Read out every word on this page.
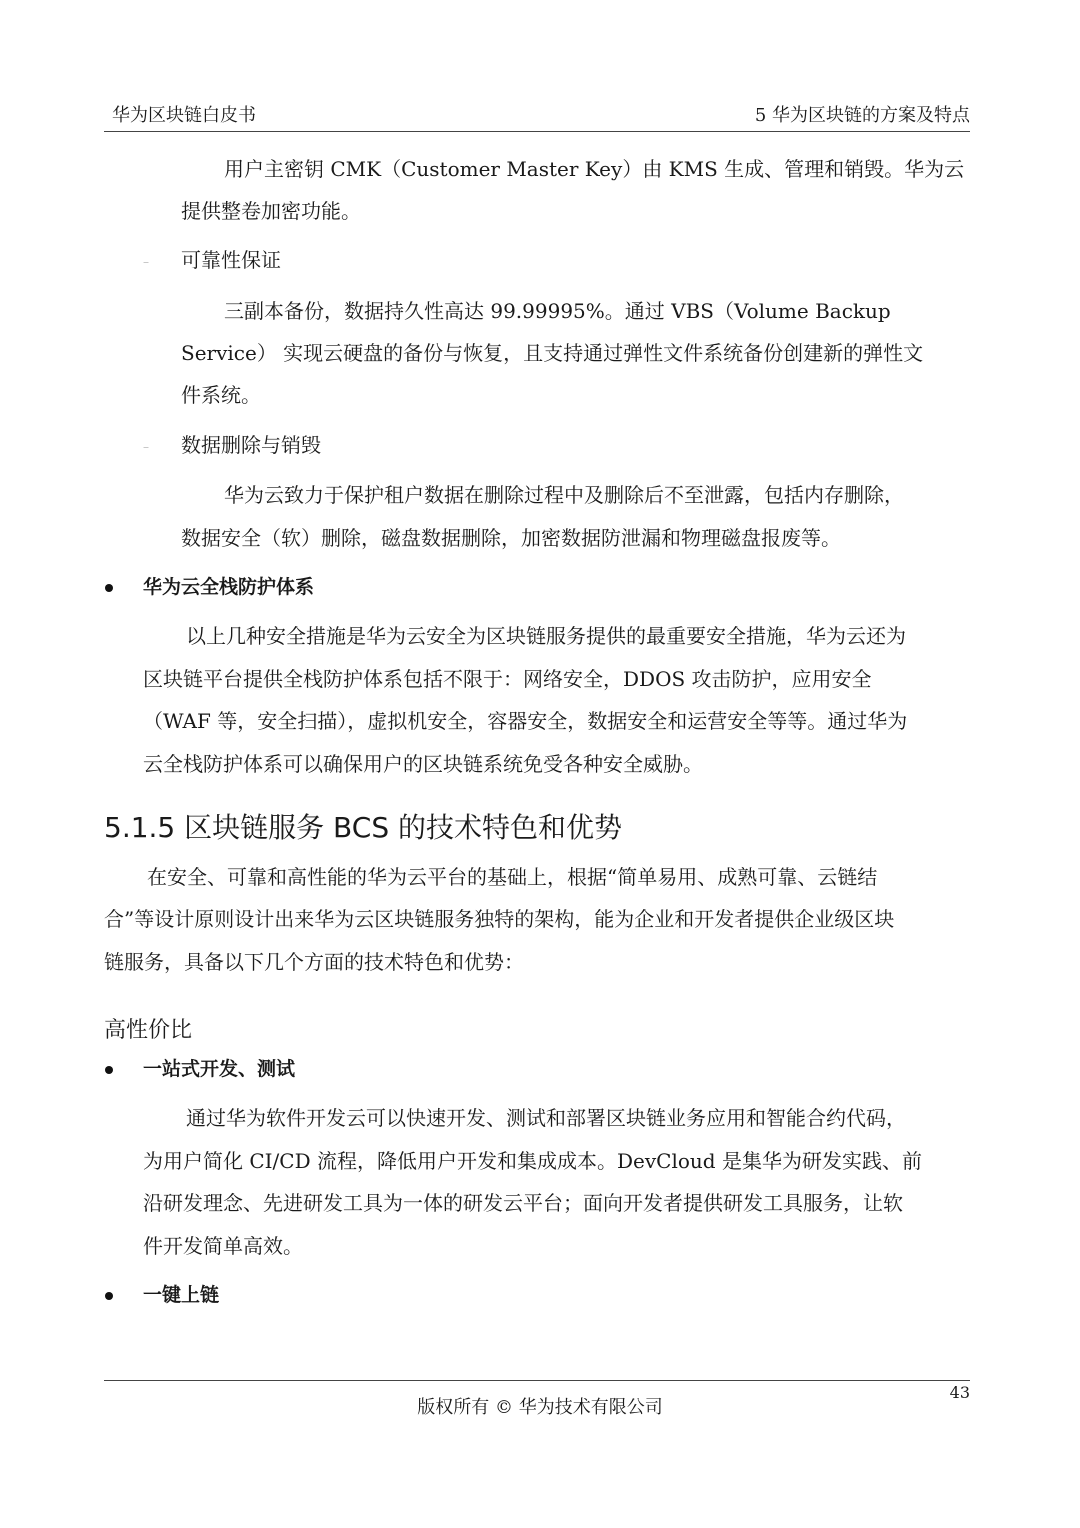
华为区块链白皮书	5 华为区块链的方案及特点

用户主密钥 CMK（Customer Master Key）由 KMS 生成、管理和销毁。华为云

提供整卷加密功能。

– 可靠性保证

三副本备份，数据持久性高达 99.99995%。通过 VBS（Volume Backup

Service） 实现云硬盘的备份与恢复，且支持通过弹性文件系统备份创建新的弹性文

件系统。

– 数据删除与销毁

华为云致力于保护租户数据在删除过程中及删除后不至泄露，包括内存删除，

数据安全（软）删除，磁盘数据删除，加密数据防泄漏和物理磁盘报废等。

华为云全栈防护体系

以上几种安全措施是华为云安全为区块链服务提供的最重要安全措施，华为云还为

区块链平台提供全栈防护体系包括不限于：网络安全，DDOS 攻击防护，应用安全

（WAF 等，安全扫描），虚拟机安全，容器安全，数据安全和运营安全等等。通过华为

云全栈防护体系可以确保用户的区块链系统免受各种安全威胁。

5.1.5 区块链服务 BCS 的技术特色和优势

在安全、可靠和高性能的华为云平台的基础上，根据“简单易用、成熟可靠、云链结

合”等设计原则设计出来华为云区块链服务独特的架构，能为企业和开发者提供企业级区块

链服务，具备以下几个方面的技术特色和优势：

高性价比
一站式开发、测试

通过华为软件开发云可以快速开发、测试和部署区块链业务应用和智能合约代码，

为用户简化 CI/CD 流程，降低用户开发和集成成本。DevCloud 是集华为研发实践、前

沿研发理念、先进研发工具为一体的研发云平台；面向开发者提供研发工具服务，让软

件开发简单高效。

一键上链
43
版权所有 © 华为技术有限公司
